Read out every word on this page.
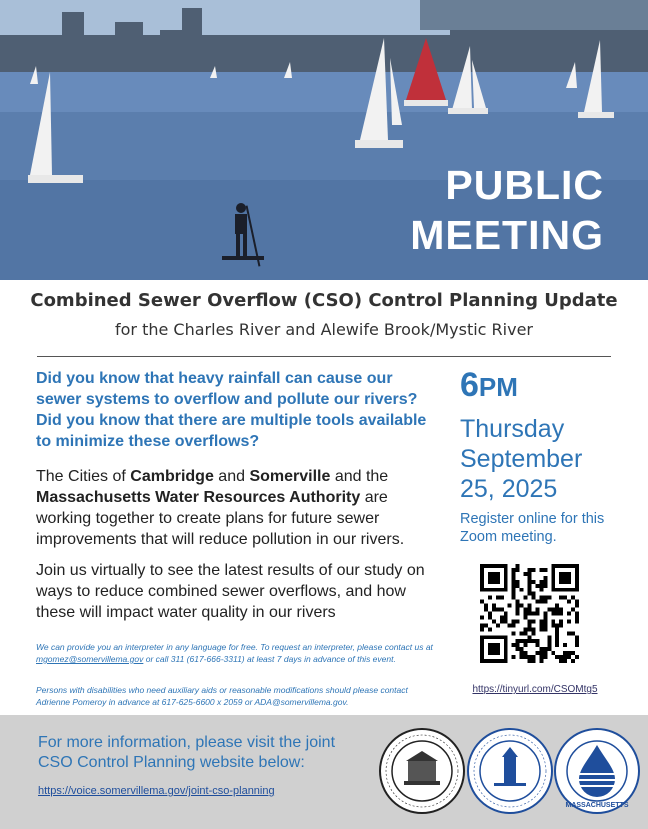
PUBLIC
MEETING
Combined Sewer Overflow (CSO) Control Planning Update
for the Charles River and Alewife Brook/Mystic River
Did you know that heavy rainfall can cause our sewer systems to overflow and pollute our rivers? Did you know that there are multiple tools available to minimize these overflows?
The Cities of Cambridge and Somerville and the Massachusetts Water Resources Authority are working together to create plans for future sewer improvements that will reduce pollution in our rivers.
Join us virtually to see the latest results of our study on ways to reduce combined sewer overflows, and how these will impact water quality in our rivers
We can provide you an interpreter in any language for free. To request an interpreter, please contact us at mgomez@somervillema.gov or call 311 (617-666-3311) at least 7 days in advance of this event.
Persons with disabilities who need auxiliary aids or reasonable modifications should please contact Adrienne Pomeroy in advance at 617-625-6600 x 2059 or ADA@somervillema.gov.
6PM
Thursday
September
25, 2025
Register online for this Zoom meeting.
https://tinyurl.com/CSOMtg5
For more information, please visit the joint CSO Control Planning website below:
https://voice.somervillema.gov/joint-cso-planning
MASSACHUSETTS
